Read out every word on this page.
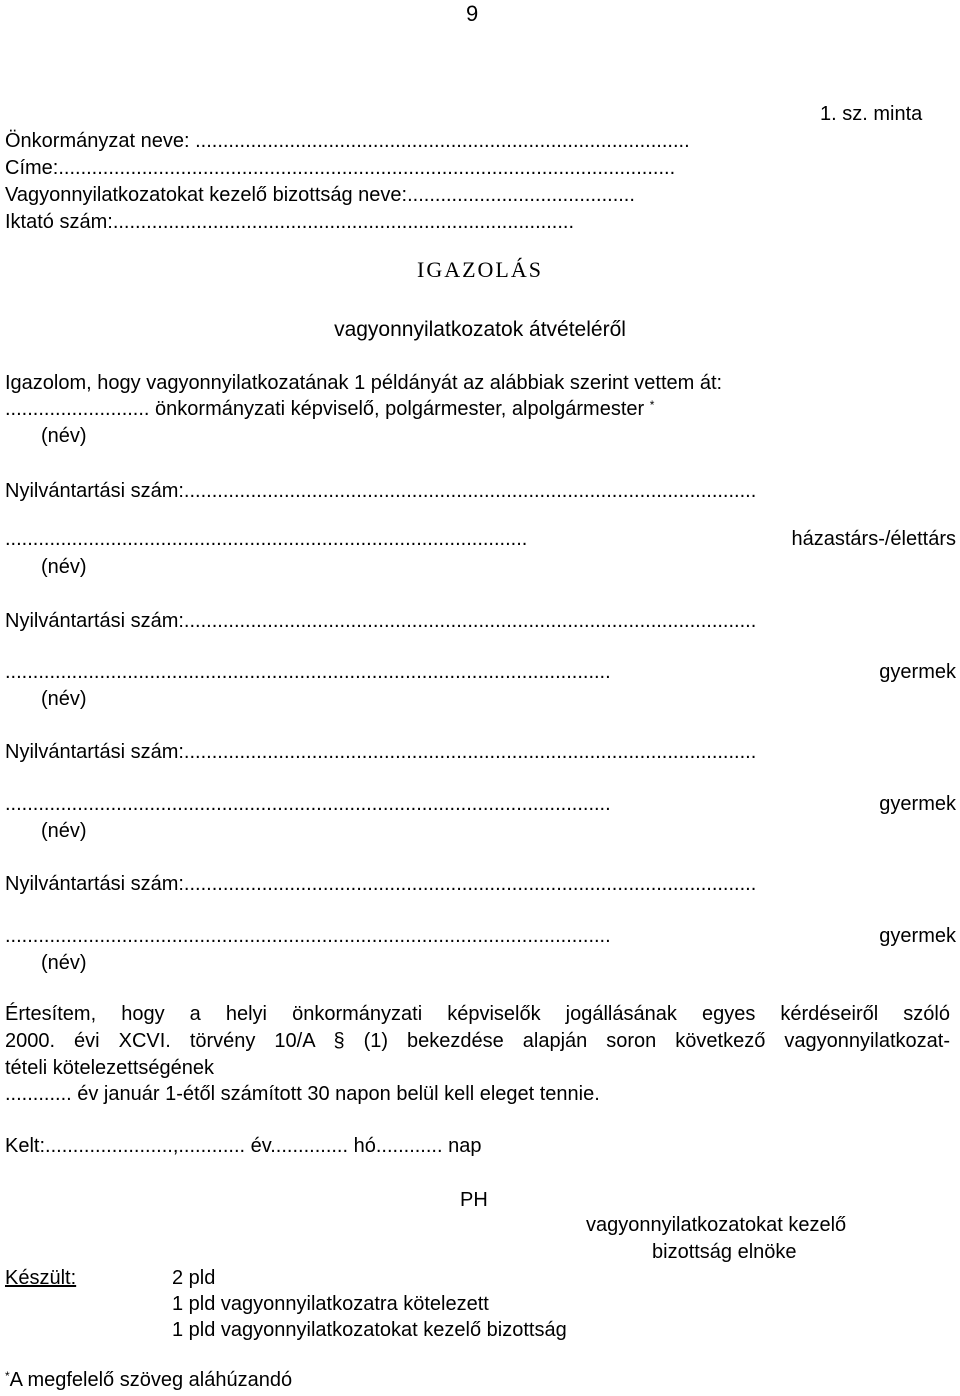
9
1. sz. minta
Önkormányzat neve: .........................................................................................
Címe:...............................................................................................................
Vagyonnyilatkozatokat kezelő bizottság neve:.........................................
Iktató szám:...................................................................................
IGAZOLÁS
vagyonnyilatkozatok átvételéről
Igazolom, hogy vagyonnyilatkozatának 1 példányát az alábbiak szerint vettem át:
.......................... önkormányzati képviselő, polgármester, alpolgármester *
(név)
Nyilvántartási szám:.......................................................................................................
..............................................................................................	házastárs-/élettárs
(név)
Nyilvántartási szám:.......................................................................................................
.............................................................................................................	gyermek
(név)
Nyilvántartási szám:.......................................................................................................
.............................................................................................................	gyermek
(név)
Nyilvántartási szám:.......................................................................................................
.............................................................................................................	gyermek
(név)
Értesítem, hogy a helyi önkormányzati képviselők jogállásának egyes kérdéseiről szóló
2000. évi XCVI. törvény 10/A § (1) bekezdése alapján soron következő vagyonnyilatkozat-
tételi kötelezettségének
............ év január 1-étől számított 30 napon belül kell eleget tennie.
Kelt:.......................,............ év.............. hó............ nap
PH
vagyonnyilatkozatokat kezelő
bizottság elnöke
Készült:	2 pld
1 pld vagyonnyilatkozatra kötelezett
1 pld vagyonnyilatkozatokat kezelő bizottság
*A megfelelő szöveg aláhúzandó
